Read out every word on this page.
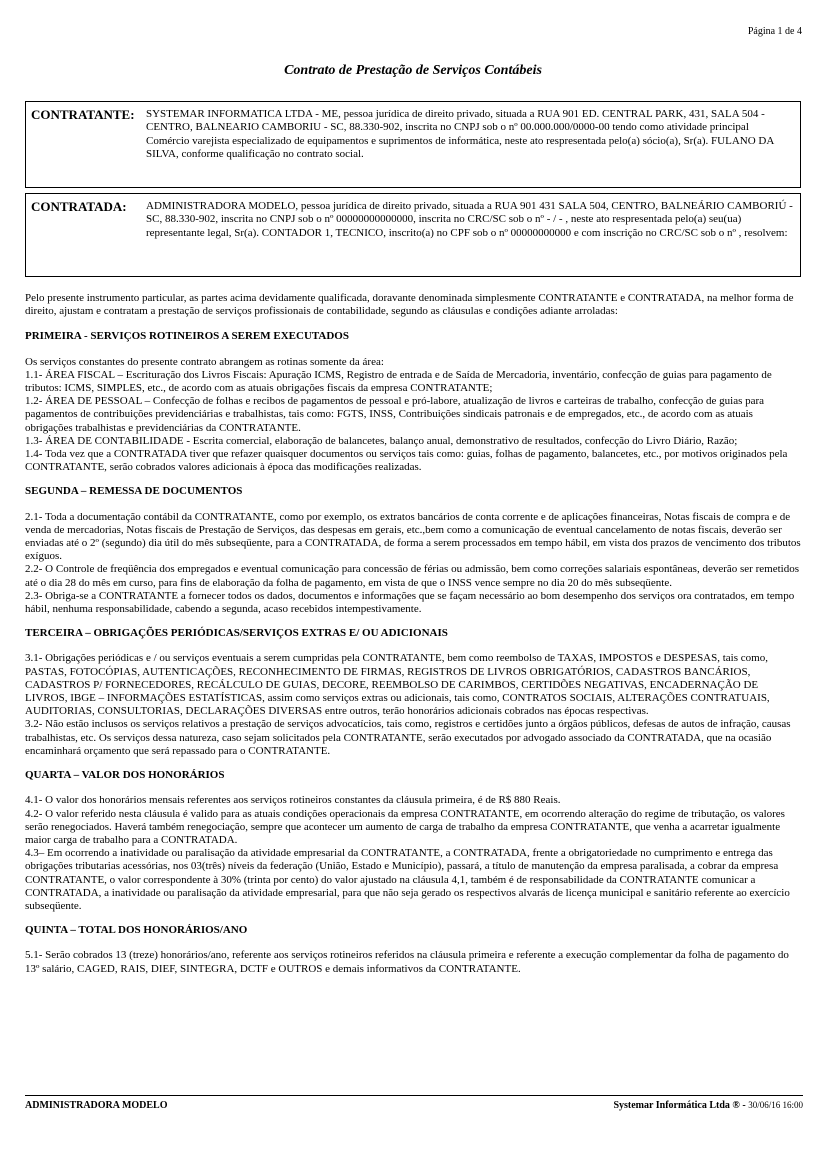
Página 1 de 4
Contrato de Prestação de Serviços Contábeis
CONTRATANTE: SYSTEMAR INFORMATICA LTDA - ME, pessoa jurídica de direito privado, situada a RUA 901 ED. CENTRAL PARK, 431, SALA 504 - CENTRO, BALNEARIO CAMBORIU - SC, 88.330-902, inscrita no CNPJ sob o nº 00.000.000/0000-00 tendo como atividade principal Comércio varejista especializado de equipamentos e suprimentos de informática, neste ato respresentada pelo(a) sócio(a), Sr(a). FULANO DA SILVA, conforme qualificação no contrato social.
CONTRATADA: ADMINISTRADORA MODELO, pessoa jurídica de direito privado, situada a RUA 901 431 SALA 504, CENTRO, BALNEÁRIO CAMBORIÚ - SC, 88.330-902, inscrita no CNPJ sob o nº 00000000000000, inscrita no CRC/SC sob o nº - / - , neste ato respresentada pelo(a) seu(ua) representante legal, Sr(a). CONTADOR 1, TECNICO, inscrito(a) no CPF sob o nº 00000000000 e com inscrição no CRC/SC sob o nº , resolvem:

Pelo presente instrumento particular, as partes acima devidamente qualificada, doravante denominada simplesmente CONTRATANTE e CONTRATADA, na melhor forma de direito, ajustam e contratam a prestação de serviços profissionais de contabilidade, segundo as cláusulas e condições adiante arroladas:

PRIMEIRA - SERVIÇOS ROTINEIROS A SEREM EXECUTADOS

Os serviços constantes do presente contrato abrangem as rotinas somente da área:

1.1- ÁREA FISCAL – Escrituração dos Livros Fiscais: Apuração ICMS, Registro de entrada e de Saída de Mercadoria, inventário, confecção de guias para pagamento de tributos: ICMS, SIMPLES, etc., de acordo com as atuais obrigações fiscais da empresa CONTRATANTE;

1.2- ÁREA DE PESSOAL – Confecção de folhas e recibos de pagamentos de pessoal e pró-labore, atualização de livros e carteiras de trabalho, confecção de guias para pagamentos de contribuições previdenciárias e trabalhistas, tais como: FGTS, INSS, Contribuições sindicais patronais e de empregados, etc., de acordo com as atuais obrigações trabalhistas e previdenciárias da CONTRATANTE.

1.3- ÁREA DE CONTABILIDADE - Escrita comercial, elaboração de balancetes, balanço anual, demonstrativo de resultados, confecção do Livro Diário, Razão;

1.4- Toda vez que a CONTRATADA tiver que refazer quaisquer documentos ou serviços tais como: guias, folhas de pagamento, balancetes, etc., por motivos originados pela CONTRATANTE, serão cobrados valores adicionais à época das modificações realizadas.

SEGUNDA – REMESSA DE DOCUMENTOS

2.1- Toda a documentação contábil da CONTRATANTE, como por exemplo, os extratos bancários de conta corrente e de aplicações financeiras, Notas fiscais de compra e de venda de mercadorias, Notas fiscais de Prestação de Serviços, das despesas em gerais, etc.,bem como a comunicação de eventual cancelamento de notas fiscais, deverão ser enviadas até o 2º (segundo) dia útil do mês subseqüente, para a CONTRATADA, de forma a serem processados em tempo hábil, em vista dos prazos de vencimento dos tributos exíguos.

2.2- O Controle de freqüência dos empregados e eventual comunicação para concessão de férias ou admissão, bem como correções salariais espontâneas, deverão ser remetidos até o dia 28 do mês em curso, para fins de elaboração da folha de pagamento, em vista de que o INSS vence sempre no dia 20 do mês subseqüente.

2.3- Obriga-se a CONTRATANTE a fornecer todos os dados, documentos e informações que se façam necessário ao bom desempenho dos serviços ora contratados, em tempo hábil, nenhuma responsabilidade, cabendo a segunda, acaso recebidos intempestivamente.

TERCEIRA – OBRIGAÇÕES PERIÓDICAS/SERVIÇOS EXTRAS E/ OU ADICIONAIS

3.1- Obrigações periódicas e / ou serviços eventuais a serem cumpridas pela CONTRATANTE, bem como reembolso de TAXAS, IMPOSTOS e DESPESAS, tais como, PASTAS, FOTOCÓPIAS, AUTENTICAÇÕES, RECONHECIMENTO DE FIRMAS, REGISTROS DE LIVROS OBRIGATÓRIOS, CADASTROS BANCÁRIOS, CADASTROS P/ FORNECEDORES, RECÁLCULO DE GUIAS, DECORE, REEMBOLSO DE CARIMBOS, CERTIDÕES NEGATIVAS, ENCADERNAÇÃO DE LIVROS, IBGE – INFORMAÇÕES ESTATÍSTICAS, assim como serviços extras ou adicionais, tais como, CONTRATOS SOCIAIS, ALTERAÇÕES CONTRATUAIS, AUDITORIAS, CONSULTORIAS, DECLARAÇÕES DIVERSAS entre outros, terão honorários adicionais cobrados nas épocas respectivas.

3.2- Não estão inclusos os serviços relativos a prestação de serviços advocatícios, tais como, registros e certidões junto a órgãos públicos, defesas de autos de infração, causas trabalhistas, etc. Os serviços dessa natureza, caso sejam solicitados pela CONTRATANTE, serão executados por advogado associado da CONTRATADA, que na ocasião encaminhará orçamento que será repassado para o CONTRATANTE.

QUARTA – VALOR DOS HONORÁRIOS

4.1- O valor dos honorários mensais referentes aos serviços rotineiros constantes da cláusula primeira, é de R$ 880 Reais.

4.2- O valor referido nesta cláusula é valido para as atuais condições operacionais da empresa CONTRATANTE, em ocorrendo alteração do regime de tributação, os valores serão renegociados. Haverá também renegociação, sempre que acontecer um aumento de carga de trabalho da empresa CONTRATANTE, que venha a acarretar igualmente maior carga de trabalho para a CONTRATADA.

4.3– Em ocorrendo a inatividade ou paralisação da atividade empresarial da CONTRATANTE, a CONTRATADA, frente a obrigatoriedade no cumprimento e entrega das obrigações tributarias acessórias, nos 03(três) níveis da federação (União, Estado e Município), passará, a título de manutenção da empresa paralisada, a cobrar da empresa CONTRATANTE, o valor correspondente à 30% (trinta por cento) do valor ajustado na cláusula 4,1, também é de responsabilidade da CONTRATANTE comunicar a CONTRATADA, a inatividade ou paralisação da atividade empresarial, para que não seja gerado os respectivos alvarás de licença municipal e sanitário referente ao exercício subseqüente.

QUINTA – TOTAL DOS HONORÁRIOS/ANO

5.1- Serão cobrados 13 (treze) honorários/ano, referente aos serviços rotineiros referidos na cláusula primeira e referente a execução complementar da folha de pagamento do 13º salário, CAGED, RAIS, DIEF, SINTEGRA, DCTF e OUTROS e demais informativos da CONTRATANTE.

ADMINISTRADORA MODELO	Systemar Informática Ltda ® - 30/06/16 16:00
